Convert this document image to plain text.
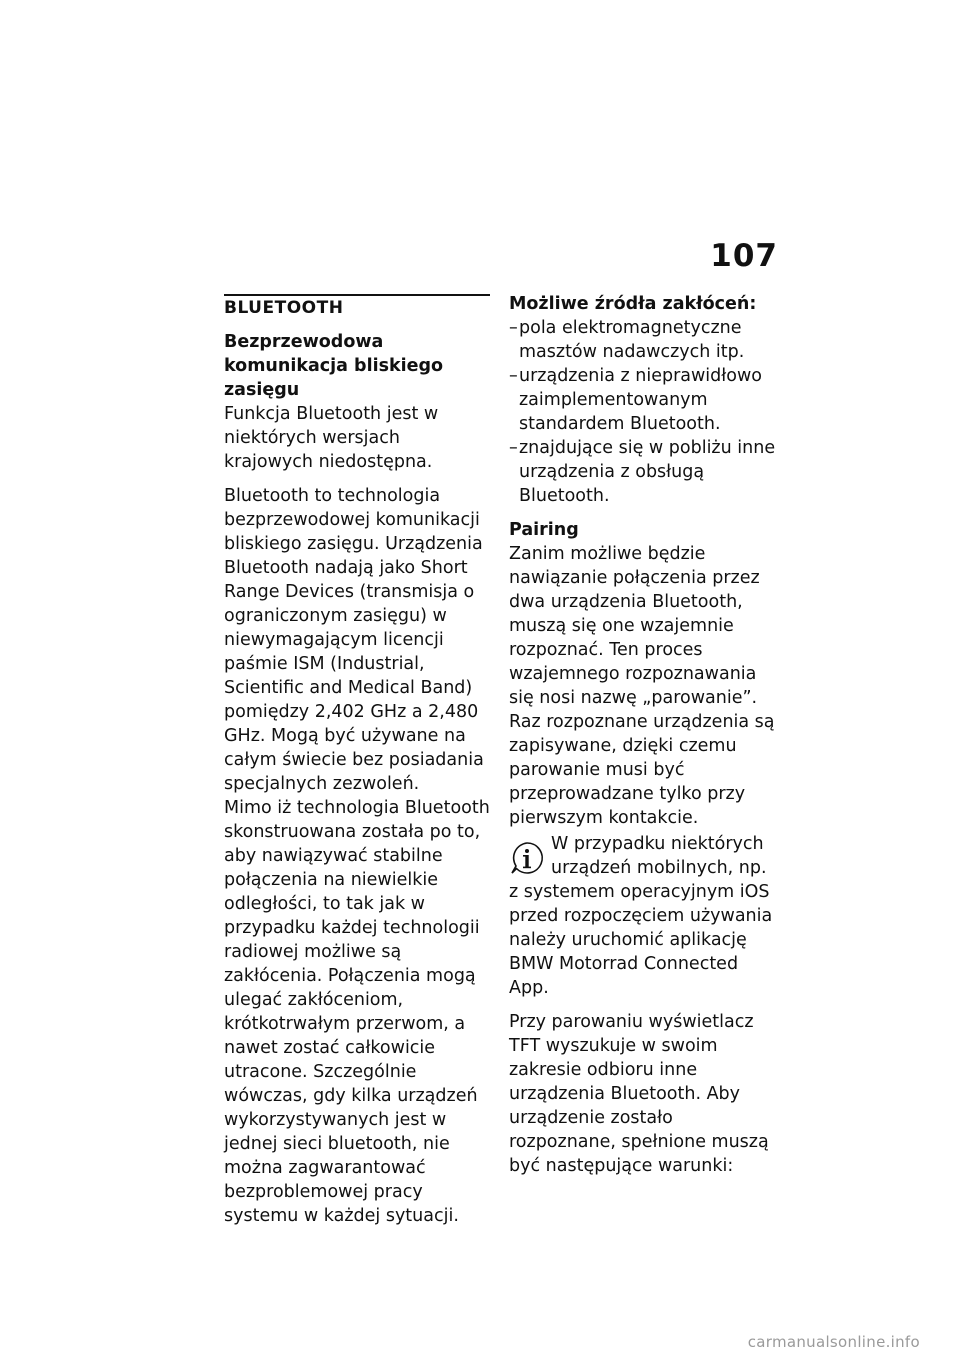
107
BLUETOOTH

Bezprzewodowa komunikacja bliskiego zasięgu

Funkcja Bluetooth jest w niektórych wersjach krajowych niedostępna.

Bluetooth to technologia bezprzewodowej komunikacji bliskiego zasięgu. Urządzenia Bluetooth nadają jako Short Range Devices (transmisja o ograniczonym zasięgu) w niewymagającym licencji paśmie ISM (Industrial, Scientific and Medical Band) pomiędzy 2,402 GHz a 2,480 GHz. Mogą być używane na całym świecie bez posiadania specjalnych zezwoleń.

Mimo iż technologia Bluetooth skonstruowana została po to, aby nawiązywać stabilne połączenia na niewielkie odległości, to tak jak w przypadku każdej technologii radiowej możliwe są zakłócenia. Połączenia mogą ulegać zakłóceniom, krótkotrwałym przerwom, a nawet zostać całkowicie utracone. Szczególnie wówczas, gdy kilka urządzeń wykorzystywanych jest w jednej sieci bluetooth, nie można zagwarantować bezproblemowej pracy systemu w każdej sytuacji.

Możliwe źródła zakłóceń:

– pola elektromagnetyczne masztów nadawczych itp.
– urządzenia z nieprawidłowo zaimplementowanym standardem Bluetooth.
– znajdujące się w pobliżu inne urządzenia z obsługą Bluetooth.

Pairing

Zanim możliwe będzie nawiązanie połączenia przez dwa urządzenia Bluetooth, muszą się one wzajemnie rozpoznać. Ten proces wzajemnego rozpoznawania się nosi nazwę „parowanie”. Raz rozpoznane urządzenia są zapisywane, dzięki czemu parowanie musi być przeprowadzane tylko przy pierwszym kontakcie.

W przypadku niektórych urządzeń mobilnych, np. z systemem operacyjnym iOS przed rozpoczęciem używania należy uruchomić aplikację BMW Motorrad Connected App.

Przy parowaniu wyświetlacz TFT wyszukuje w swoim zakresie odbioru inne urządzenia Bluetooth. Aby urządzenie zostało rozpoznane, spełnione muszą być następujące warunki:

carmanualsonline.info
